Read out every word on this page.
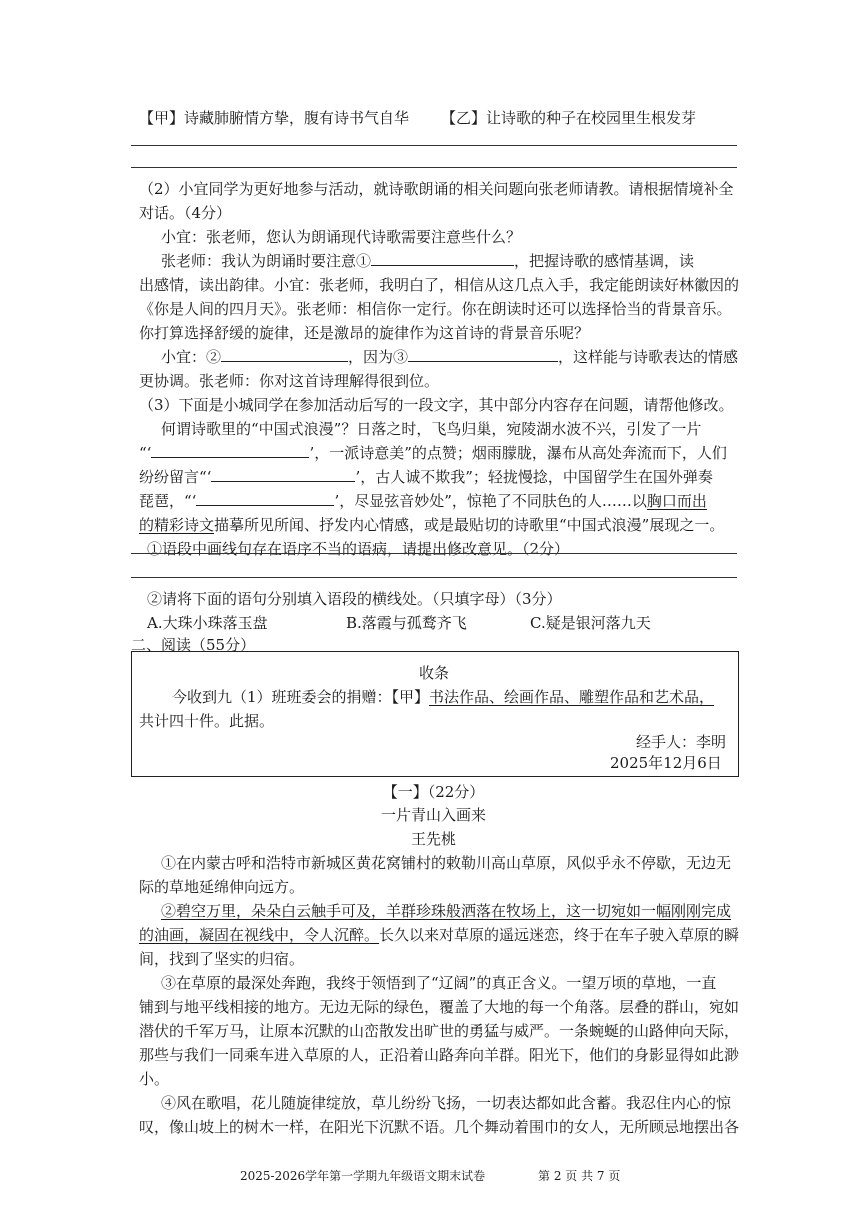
【甲】诗藏肺腑情方挚，腹有诗书气自华 【乙】让诗歌的种子在校园里生根发芽
（2）小宜同学为更好地参与活动，就诗歌朗诵的相关问题向张老师请教。请根据情境补全
对话。（4分）
小宜：张老师，您认为朗诵现代诗歌需要注意些什么？
张老师：我认为朗诵时要注意①	，把握诗歌的感情基调，读
出感情，读出韵律。小宜：张老师，我明白了，相信从这几点入手，我定能朗读好林徽因的
《你是人间的四月天》。张老师：相信你一定行。你在朗读时还可以选择恰当的背景音乐。
你打算选择舒缓的旋律，还是激昂的旋律作为这首诗的背景音乐呢？
小宜：②	，因为③	，这样能与诗歌表达的情感
更协调。张老师：你对这首诗理解得很到位。
（3）下面是小城同学在参加活动后写的一段文字，其中部分内容存在问题，请帮他修改。
何谓诗歌里的“中国式浪漫”？日落之时，飞鸟归巢，宛陵湖水波不兴，引发了一片
“‘	’，一派诗意美”的点赞；烟雨朦胧，瀑布从高处奔流而下，人们
纷纷留言“‘	’，古人诚不欺我”；轻拢慢捻，中国留学生在国外弹奏
琵琶，“‘	’，尽显弦音妙处”，惊艳了不同肤色的人……以胸口而出
的精彩诗文描摹所见所闻、抒发内心情感，或是最贴切的诗歌里“中国式浪漫”展现之一。
①语段中画线句存在语序不当的语病，请提出修改意见。（2分）
②请将下面的语句分别填入语段的横线处。（只填字母）（3分）
A.大珠小珠落玉盘	B.落霞与孤鹜齐飞	C.疑是银河落九天
二、阅读（55分）
收条
今收到九（1）班班委会的捐赠：【甲】书法作品、绘画作品、雕塑作品和艺术品，
共计四十件。此据。
经手人：李明
2025年12月6日
【一】（22分）
一片青山入画来
王先桃
①在内蒙古呼和浩特市新城区黄花窝铺村的敕勒川高山草原，风似乎永不停歇，无边无
际的草地延绵伸向远方。
②碧空万里，朵朵白云触手可及，羊群珍珠般洒落在牧场上，这一切宛如一幅刚刚完成
的油画，凝固在视线中，令人沉醉。长久以来对草原的遥远迷恋，终于在车子驶入草原的瞬
间，找到了坚实的归宿。
③在草原的最深处奔跑，我终于领悟到了“辽阔”的真正含义。一望万顷的草地，一直
铺到与地平线相接的地方。无边无际的绿色，覆盖了大地的每一个角落。层叠的群山，宛如
潜伏的千军万马，让原本沉默的山峦散发出旷世的勇猛与威严。一条蜿蜒的山路伸向天际，
那些与我们一同乘车进入草原的人，正沿着山路奔向羊群。阳光下，他们的身影显得如此渺
小。
④风在歌唱，花儿随旋律绽放，草儿纷纷飞扬，一切表达都如此含蓄。我忍住内心的惊
叹，像山坡上的树木一样，在阳光下沉默不语。几个舞动着围巾的女人，无所顾忌地摆出各
2025-2026学年第一学期九年级语文期末试卷	第 2 页 共 7 页
